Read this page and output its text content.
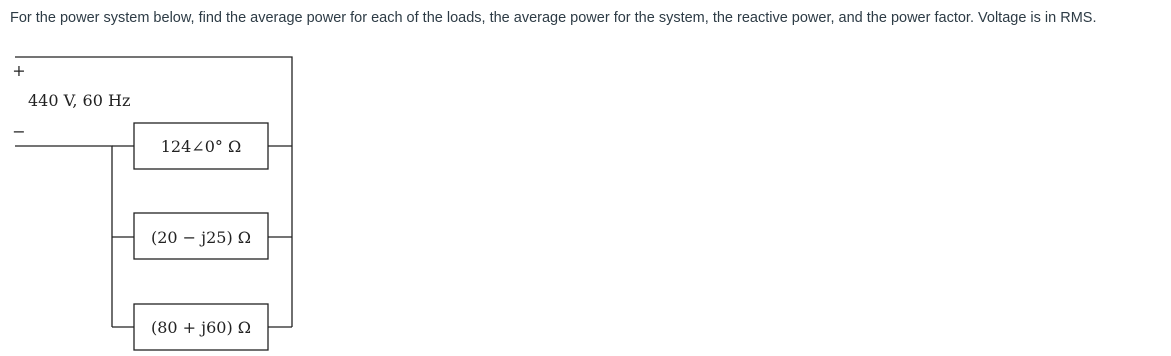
For the power system below, find the average power for each of the loads, the average power for the system, the reactive power, and the power factor. Voltage is in RMS.

+
440 V, 60 Hz
−
124∠0° Ω
(20 − j25) Ω
(80 + j60) Ω
